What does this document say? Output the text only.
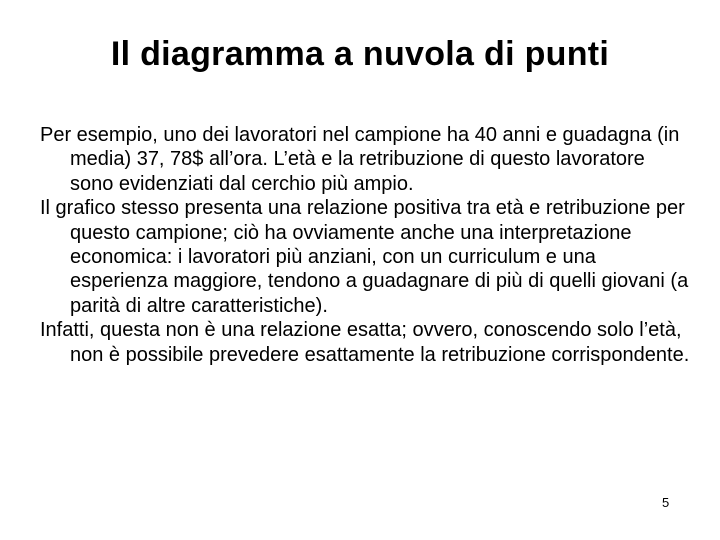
Il diagramma a nuvola di punti

Per esempio, uno dei lavoratori nel campione ha 40 anni e guadagna (in media) 37, 78$ all’ora. L’età e la retribuzione di questo lavoratore sono evidenziati dal cerchio più ampio.

Il grafico stesso presenta una relazione positiva tra età e retribuzione per questo campione; ciò ha ovviamente anche una interpretazione economica: i lavoratori più anziani, con un curriculum e una esperienza maggiore, tendono a guadagnare di più di quelli giovani (a parità di altre caratteristiche).

Infatti, questa non è una relazione esatta; ovvero, conoscendo solo l’età, non è possibile prevedere esattamente la retribuzione corrispondente.

5
